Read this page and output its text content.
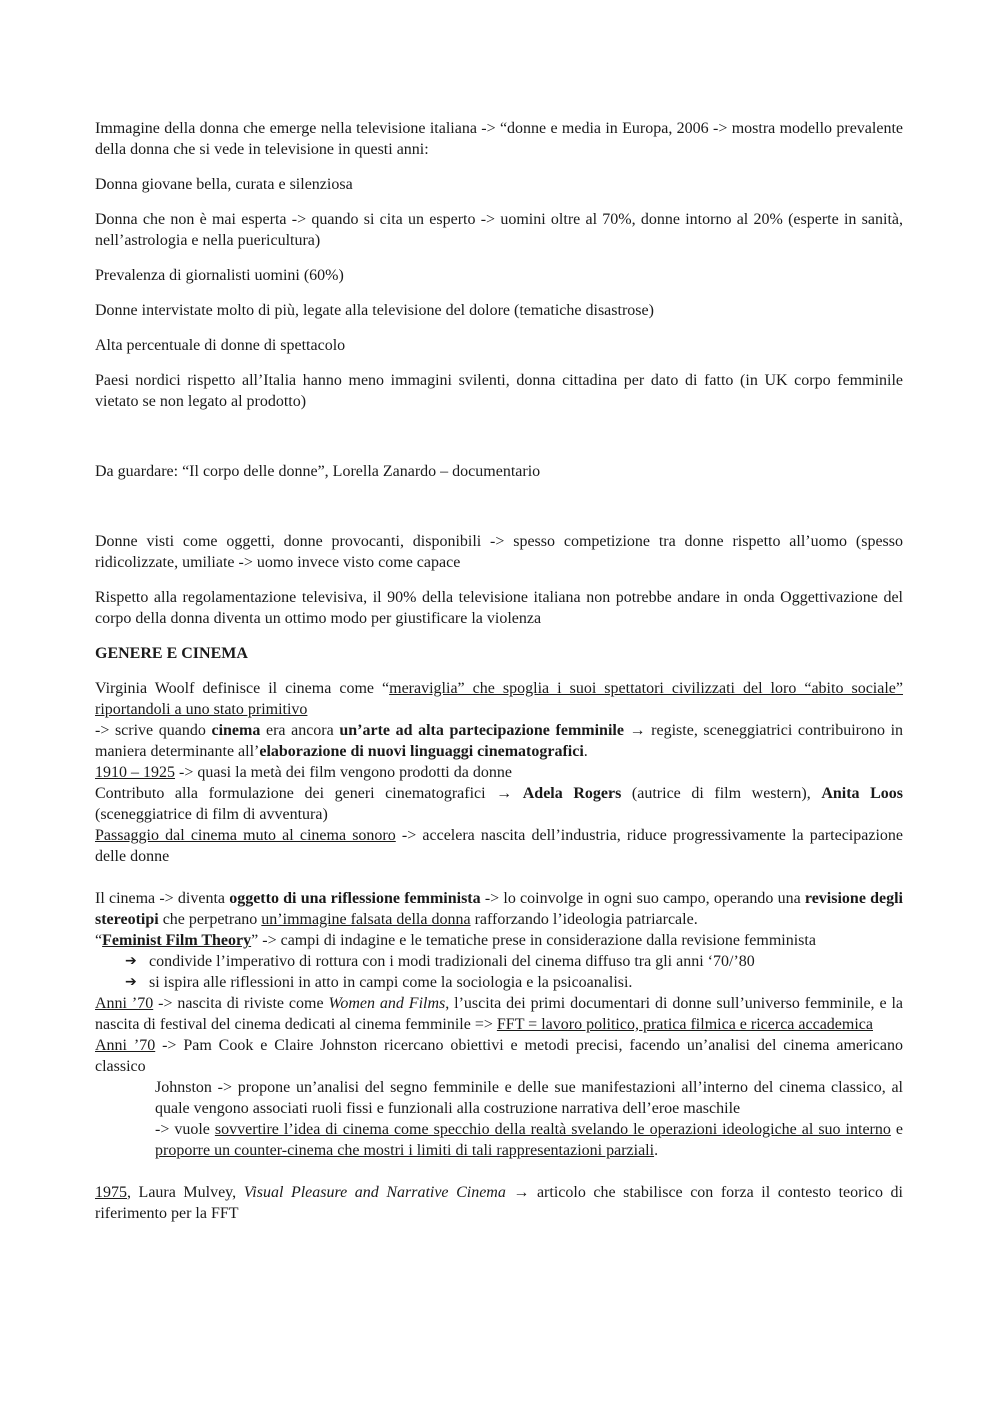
Immagine della donna che emerge nella televisione italiana -> “donne e media in Europa, 2006 -> mostra modello prevalente della donna che si vede in televisione in questi anni:

Donna giovane bella, curata e silenziosa

Donna che non è mai esperta -> quando si cita un esperto -> uomini oltre al 70%, donne intorno al 20% (esperte in sanità, nell’astrologia e nella puericultura)

Prevalenza di giornalisti uomini (60%)

Donne intervistate molto di più, legate alla televisione del dolore (tematiche disastrose)

Alta percentuale di donne di spettacolo

Paesi nordici rispetto all’Italia hanno meno immagini svilenti, donna cittadina per dato di fatto (in UK corpo femminile vietato se non legato al prodotto)

Da guardare: “Il corpo delle donne”, Lorella Zanardo – documentario

Donne visti come oggetti, donne provocanti, disponibili -> spesso competizione tra donne rispetto all’uomo (spesso ridicolizzate, umiliate -> uomo invece visto come capace

Rispetto alla regolamentazione televisiva, il 90% della televisione italiana non potrebbe andare in onda Oggettivazione del corpo della donna diventa un ottimo modo per giustificare la violenza

GENERE E CINEMA
Virginia Woolf definisce il cinema come “meraviglia” che spoglia i suoi spettatori civilizzati del loro “abito sociale” riportandoli a uno stato primitivo
-> scrive quando cinema era ancora un’arte ad alta partecipazione femminile → registe, sceneggiatrici contribuirono in maniera determinante all’elaborazione di nuovi linguaggi cinematografici.
1910 – 1925 -> quasi la metà dei film vengono prodotti da donne
Contributo alla formulazione dei generi cinematografici → Adela Rogers (autrice di film western), Anita Loos (sceneggiatrice di film di avventura)
Passaggio dal cinema muto al cinema sonoro -> accelera nascita dell’industria, riduce progressivamente la partecipazione delle donne
Il cinema -> diventa oggetto di una riflessione femminista -> lo coinvolge in ogni suo campo, operando una revisione degli stereotipi che perpetrano un’immagine falsata della donna rafforzando l’ideologia patriarcale.
“Feminist Film Theory” -> campi di indagine e le tematiche prese in considerazione dalla revisione femminista
➔ condivide l’imperativo di rottura con i modi tradizionali del cinema diffuso tra gli anni ‘70/’80
➔ si ispira alle riflessioni in atto in campi come la sociologia e la psicoanalisi.
Anni ’70 -> nascita di riviste come Women and Films, l’uscita dei primi documentari di donne sull’universo femminile, e la nascita di festival del cinema dedicati al cinema femminile => FFT = lavoro politico, pratica filmica e ricerca accademica
Anni ’70 -> Pam Cook e Claire Johnston ricercano obiettivi e metodi precisi, facendo un’analisi del cinema americano classico
Johnston -> propone un’analisi del segno femminile e delle sue manifestazioni all’interno del cinema classico, al quale vengono associati ruoli fissi e funzionali alla costruzione narrativa dell’eroe maschile
-> vuole sovvertire l’idea di cinema come specchio della realtà svelando le operazioni ideologiche al suo interno e proporre un counter-cinema che mostri i limiti di tali rappresentazioni parziali.
1975, Laura Mulvey, Visual Pleasure and Narrative Cinema → articolo che stabilisce con forza il contesto teorico di riferimento per la FFT
